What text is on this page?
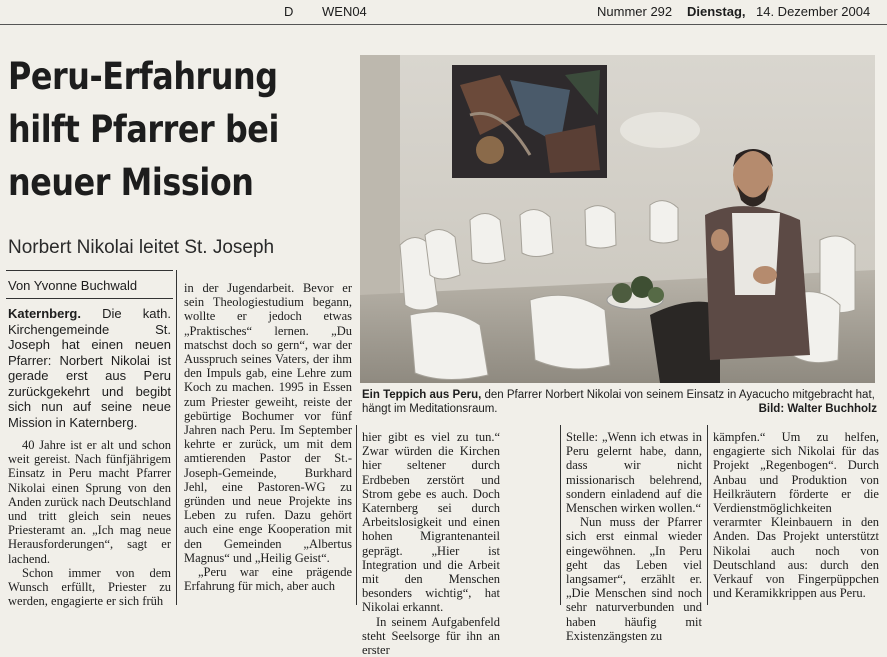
D WEN04	Nummer 292 Dienstag, 14. Dezember 2004
Peru-Erfahrung
hilft Pfarrer bei
neuer Mission
Norbert Nikolai leitet St. Joseph
Von Yvonne Buchwald

Katernberg. Die kath. Kirchengemeinde St. Joseph hat einen neuen Pfarrer: Norbert Nikolai ist gerade erst aus Peru zurückgekehrt und begibt sich nun auf seine neue Mission in Katernberg.

40 Jahre ist er alt und schon weit gereist. Nach fünfjährigem Einsatz in Peru macht Pfarrer Nikolai einen Sprung von den Anden zurück nach Deutschland und tritt gleich sein neues Priesteramt an. „Ich mag neue Herausforderungen“, sagt er lachend.

Schon immer von dem Wunsch erfüllt, Priester zu werden, engagierte er sich früh

in der Jugendarbeit. Bevor er sein Theologiestudium begann, wollte er jedoch etwas „Praktisches“ lernen. „Du matschst doch so gern“, war der Ausspruch seines Vaters, der ihm den Impuls gab, eine Lehre zum Koch zu machen. 1995 in Essen zum Priester geweiht, reiste der gebürtige Bochumer vor fünf Jahren nach Peru. Im September kehrte er zurück, um mit dem amtierenden Pastor der St.-Joseph-Gemeinde, Burkhard Jehl, eine Pastoren-WG zu gründen und neue Projekte ins Leben zu rufen. Dazu gehört auch eine enge Kooperation mit den Gemeinden „Albertus Magnus“ und „Heilig Geist“.

„Peru war eine prägende Erfahrung für mich, aber auch

Ein Teppich aus Peru, den Pfarrer Norbert Nikolai von seinem Einsatz in Ayacucho mitgebracht hat, hängt im Meditationsraum.	Bild: Walter Buchholz

hier gibt es viel zu tun.“ Zwar würden die Kirchen hier seltener durch Erdbeben zerstört und Strom gebe es auch. Doch Katernberg sei durch Arbeitslosigkeit und einen hohen Migrantenanteil geprägt. „Hier ist Integration und die Arbeit mit den Menschen besonders wichtig“, hat Nikolai erkannt.

In seinem Aufgabenfeld steht Seelsorge für ihn an erster

Stelle: „Wenn ich etwas in Peru gelernt habe, dann, dass wir nicht missionarisch belehrend, sondern einladend auf die Menschen wirken wollen.“

Nun muss der Pfarrer sich erst einmal wieder eingewöhnen. „In Peru geht das Leben viel langsamer“, erzählt er. „Die Menschen sind noch sehr naturverbunden und haben häufig mit Existenzängsten zu

kämpfen.“ Um zu helfen, engagierte sich Nikolai für das Projekt „Regenbogen“. Durch Anbau und Produktion von Heilkräutern förderte er die Verdienstmöglichkeiten verarmter Kleinbauern in den Anden. Das Projekt unterstützt Nikolai auch noch von Deutschland aus: durch den Verkauf von Fingerpüppchen und Keramikkrippen aus Peru.
